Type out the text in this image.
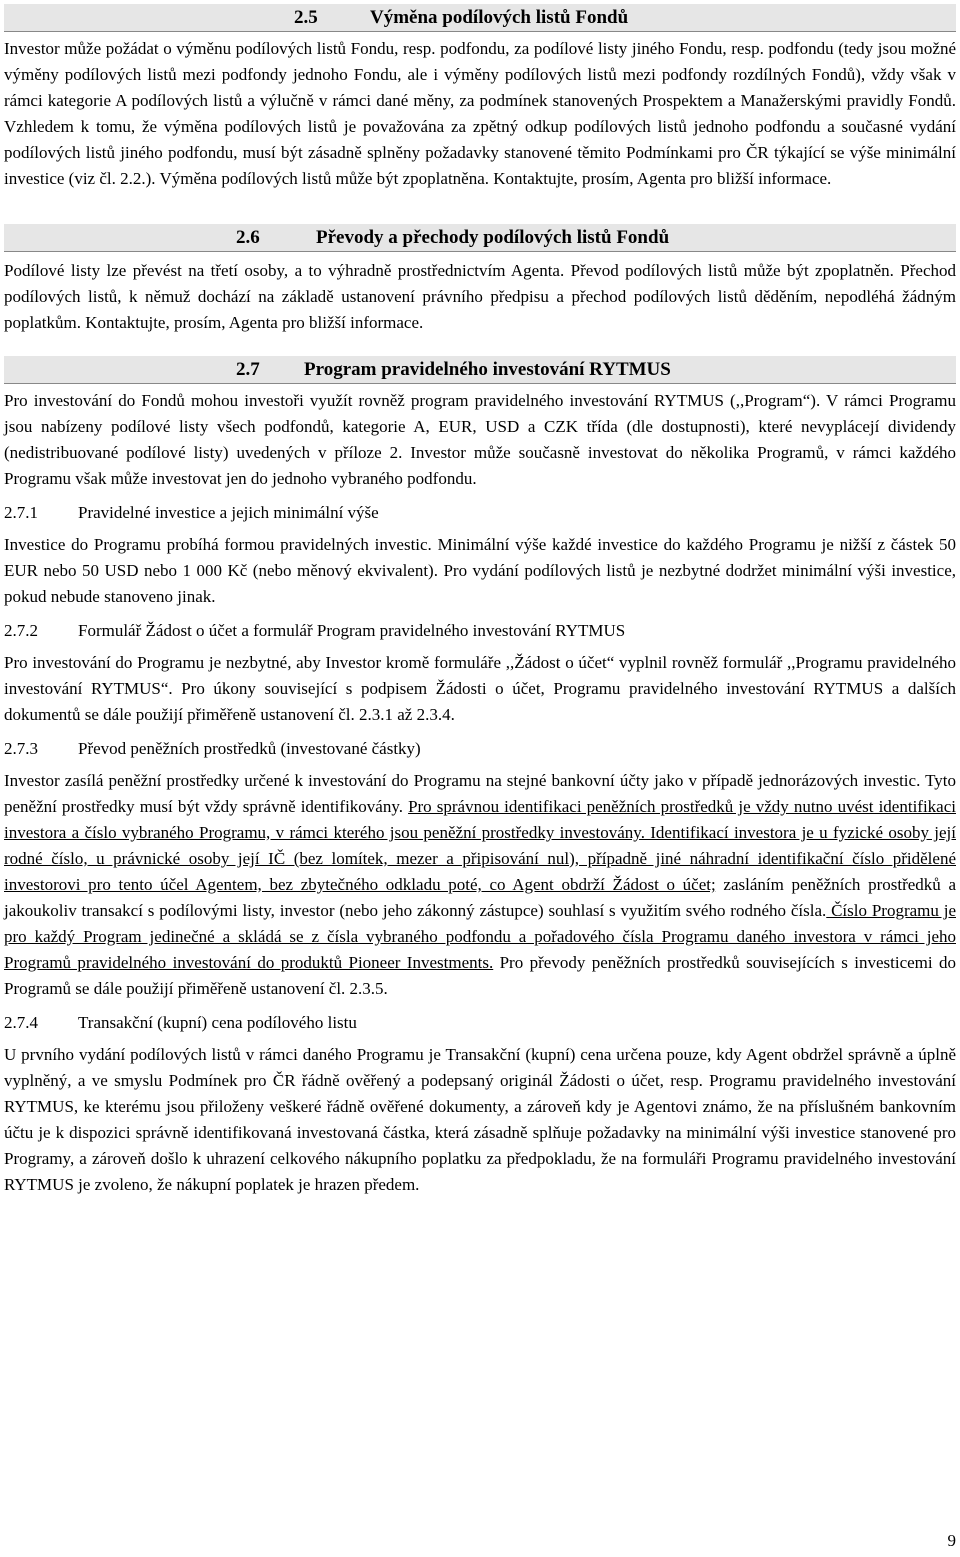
2.5	Výměna podílových listů Fondů

Investor může požádat o výměnu podílových listů Fondu, resp. podfondu, za podílové listy jiného Fondu, resp. podfondu (tedy jsou možné výměny podílových listů mezi podfondy jednoho Fondu, ale i výměny podílových listů mezi podfondy rozdílných Fondů), vždy však v rámci kategorie A podílových listů a výlučně v rámci dané měny, za podmínek stanovených Prospektem a Manažerskými pravidly Fondů. Vzhledem k tomu, že výměna podílových listů je považována za zpětný odkup podílových listů jednoho podfondu a současné vydání podílových listů jiného podfondu, musí být zásadně splněny požadavky stanovené těmito Podmínkami pro ČR týkající se výše minimální investice (viz čl. 2.2.). Výměna podílových listů může být zpoplatněna. Kontaktujte, prosím, Agenta pro bližší informace.

2.6	Převody a přechody podílových listů Fondů

Podílové listy lze převést na třetí osoby, a to výhradně prostřednictvím Agenta. Převod podílových listů může být zpoplatněn. Přechod podílových listů, k němuž dochází na základě ustanovení právního předpisu a přechod podílových listů děděním, nepodléhá žádným poplatkům. Kontaktujte, prosím, Agenta pro bližší informace.

2.7 Program pravidelného investování RYTMUS

Pro investování do Fondů mohou investoři využít rovněž program pravidelného investování RYTMUS (,,Program“). V rámci Programu jsou nabízeny podílové listy všech podfondů, kategorie A, EUR, USD a CZK třída (dle dostupnosti), které nevyplácejí dividendy (nedistribuované podílové listy) uvedených v příloze 2. Investor může současně investovat do několika Programů, v rámci každého Programu však může investovat jen do jednoho vybraného podfondu.

2.7.1 Pravidelné investice a jejich minimální výše

Investice do Programu probíhá formou pravidelných investic. Minimální výše každé investice do každého Programu je nižší z částek 50 EUR nebo 50 USD nebo 1 000 Kč (nebo měnový ekvivalent). Pro vydání podílových listů je nezbytné dodržet minimální výši investice, pokud nebude stanoveno jinak.

2.7.2 Formulář Žádost o účet a formulář Program pravidelného investování RYTMUS

Pro investování do Programu je nezbytné, aby Investor kromě formuláře ,,Žádost o účet“ vyplnil rovněž formulář ,,Programu pravidelného investování RYTMUS“. Pro úkony související s podpisem Žádosti o účet, Programu pravidelného investování RYTMUS a dalších dokumentů se dále použijí přiměřeně ustanovení čl. 2.3.1 až 2.3.4.

2.7.3 Převod peněžních prostředků (investované částky)

Investor zasílá peněžní prostředky určené k investování do Programu na stejné bankovní účty jako v případě jednorázových investic. Tyto peněžní prostředky musí být vždy správně identifikovány. Pro správnou identifikaci peněžních prostředků je vždy nutno uvést identifikaci investora a číslo vybraného Programu, v rámci kterého jsou peněžní prostředky investovány. Identifikací investora je u fyzické osoby její rodné číslo, u právnické osoby její IČ (bez lomítek, mezer a připisování nul), případně jiné náhradní identifikační číslo přidělené investorovi pro tento účel Agentem, bez zbytečného odkladu poté, co Agent obdrží Žádost o účet; zasláním peněžních prostředků a jakoukoliv transakcí s podílovými listy, investor (nebo jeho zákonný zástupce) souhlasí s využitím svého rodného čísla. Číslo Programu je pro každý Program jedinečné a skládá se z čísla vybraného podfondu a pořadového čísla Programu daného investora v rámci jeho Programů pravidelného investování do produktů Pioneer Investments. Pro převody peněžních prostředků souvisejících s investicemi do Programů se dále použijí přiměřeně ustanovení čl. 2.3.5.

2.7.4 Transakční (kupní) cena podílového listu

U prvního vydání podílových listů v rámci daného Programu je Transakční (kupní) cena určena pouze, kdy Agent obdržel správně a úplně vyplněný, a ve smyslu Podmínek pro ČR řádně ověřený a podepsaný originál Žádosti o účet, resp. Programu pravidelného investování RYTMUS, ke kterému jsou přiloženy veškeré řádně ověřené dokumenty, a zároveň kdy je Agentovi známo, že na příslušném bankovním účtu je k dispozici správně identifikovaná investovaná částka, která zásadně splňuje požadavky na minimální výši investice stanovené pro Programy, a zároveň došlo k uhrazení celkového nákupního poplatku za předpokladu, že na formuláři Programu pravidelného investování RYTMUS je zvoleno, že nákupní poplatek je hrazen předem.

9
